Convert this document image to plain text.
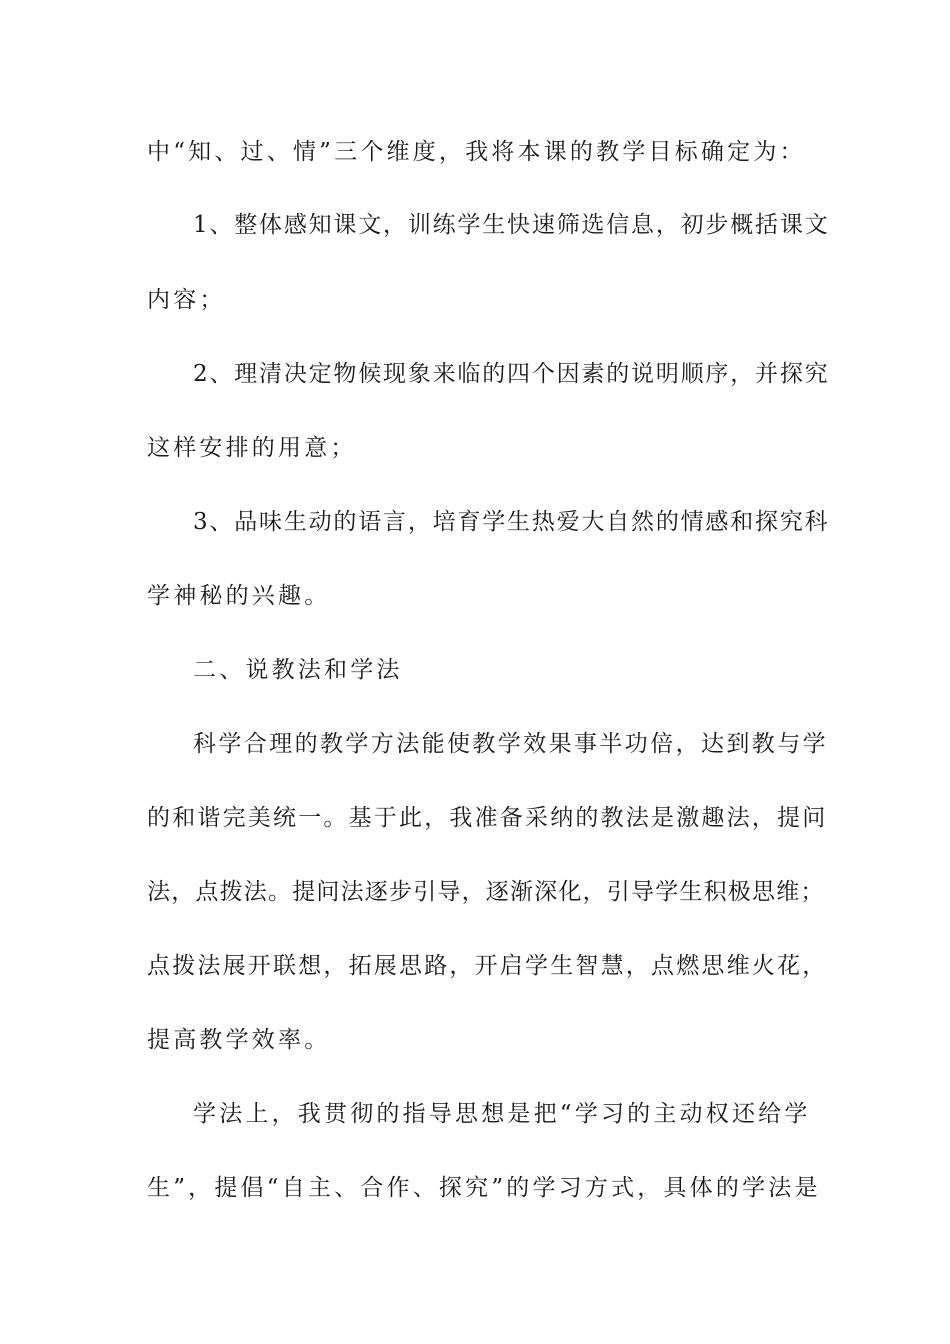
中“知、过、情”三个维度，我将本课的教学目标确定为：

1、整体感知课文，训练学生快速筛选信息，初步概括课文

内容；

2、理清决定物候现象来临的四个因素的说明顺序，并探究

这样安排的用意；

3、品味生动的语言，培育学生热爱大自然的情感和探究科

学神秘的兴趣。

二、说教法和学法

科学合理的教学方法能使教学效果事半功倍，达到教与学

的和谐完美统一。基于此，我准备采纳的教法是激趣法，提问

法，点拨法。提问法逐步引导，逐渐深化，引导学生积极思维；

点拨法展开联想，拓展思路，开启学生智慧，点燃思维火花，

提高教学效率。

学法上，我贯彻的指导思想是把“学习的主动权还给学

生”，提倡“自主、合作、探究”的学习方式，具体的学法是
